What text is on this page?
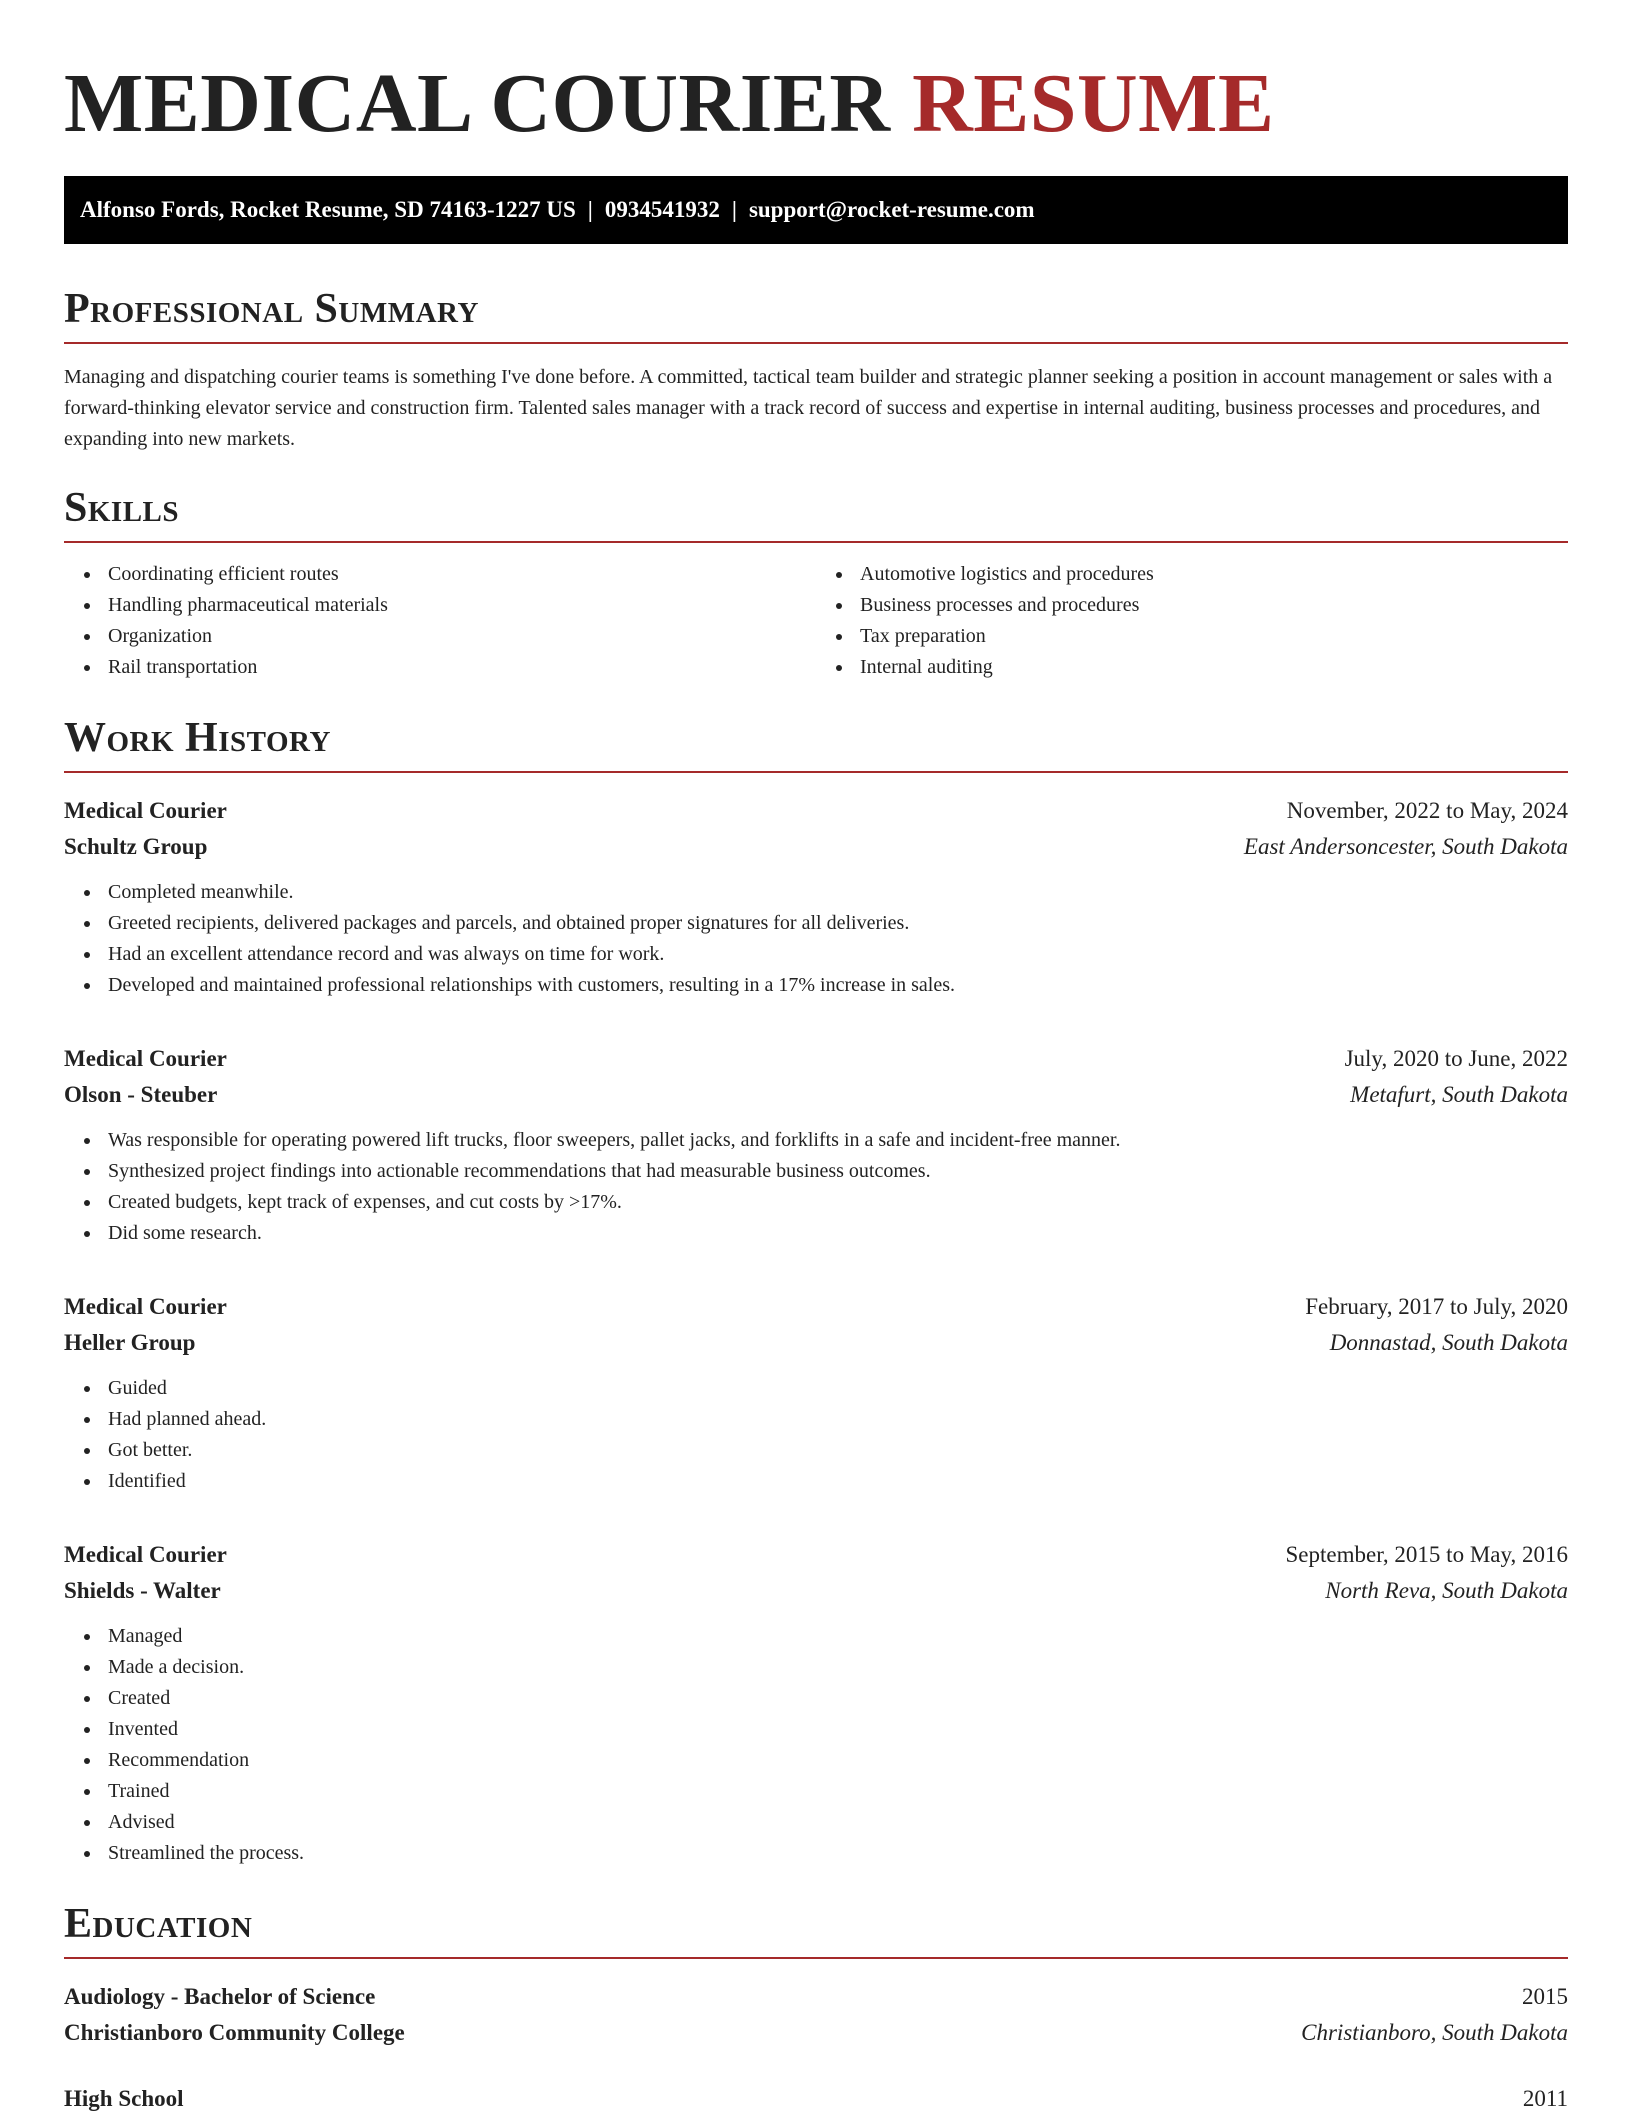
MEDICAL COURIER RESUME
Alfonso Fords, Rocket Resume, SD 74163-1227 US | 0934541932 | support@rocket-resume.com
Professional Summary

Managing and dispatching courier teams is something I've done before. A committed, tactical team builder and strategic planner seeking a position in account management or sales with a forward-thinking elevator service and construction firm. Talented sales manager with a track record of success and expertise in internal auditing, business processes and procedures, and expanding into new markets.

Skills
Coordinating efficient routes
Handling pharmaceutical materials
Organization
Rail transportation
Automotive logistics and procedures
Business processes and procedures
Tax preparation
Internal auditing
Work History
Medical Courier	November, 2022 to May, 2024
Schultz Group	East Andersoncester, South Dakota
Completed meanwhile.
Greeted recipients, delivered packages and parcels, and obtained proper signatures for all deliveries.
Had an excellent attendance record and was always on time for work.
Developed and maintained professional relationships with customers, resulting in a 17% increase in sales.
Medical Courier	July, 2020 to June, 2022
Olson - Steuber	Metafurt, South Dakota
Was responsible for operating powered lift trucks, floor sweepers, pallet jacks, and forklifts in a safe and incident-free manner.
Synthesized project findings into actionable recommendations that had measurable business outcomes.
Created budgets, kept track of expenses, and cut costs by >17%.
Did some research.
Medical Courier	February, 2017 to July, 2020
Heller Group	Donnastad, South Dakota
Guided
Had planned ahead.
Got better.
Identified
Medical Courier	September, 2015 to May, 2016
Shields - Walter	North Reva, South Dakota
Managed
Made a decision.
Created
Invented
Recommendation
Trained
Advised
Streamlined the process.
Education
Audiology - Bachelor of Science	2015
Christianboro Community College	Christianboro, South Dakota
High School	2011
